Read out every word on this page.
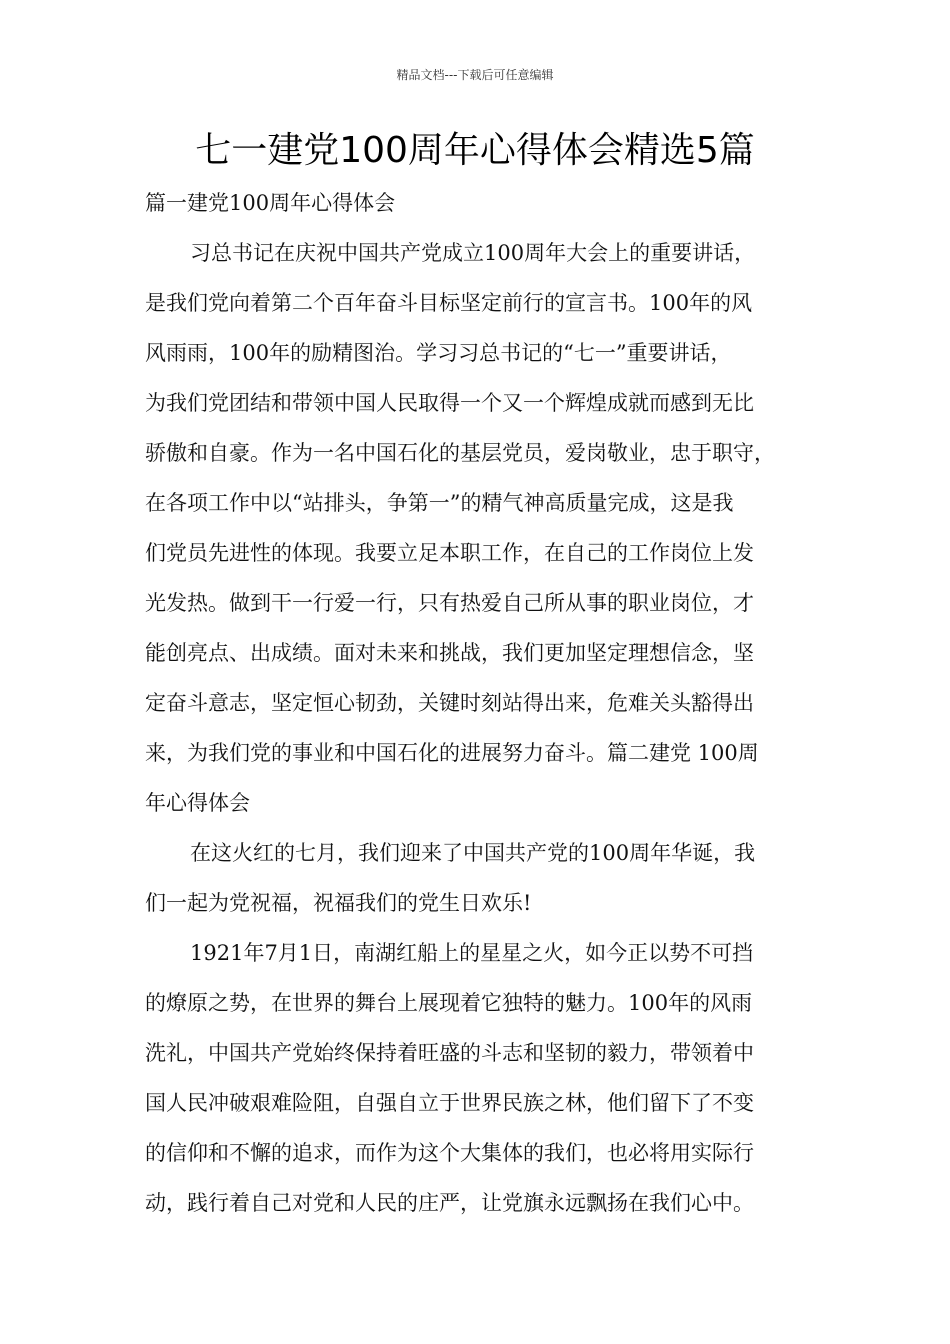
精品文档---下载后可任意编辑
七一建党100周年心得体会精选5篇
篇一建党100周年心得体会
习总书记在庆祝中国共产党成立100周年大会上的重要讲话，
是我们党向着第二个百年奋斗目标坚定前行的宣言书。100年的风
风雨雨，100年的励精图治。学习习总书记的“七一”重要讲话，
为我们党团结和带领中国人民取得一个又一个辉煌成就而感到无比
骄傲和自豪。作为一名中国石化的基层党员，爱岗敬业，忠于职守，
在各项工作中以“站排头，争第一”的精气神高质量完成，这是我
们党员先进性的体现。我要立足本职工作，在自己的工作岗位上发
光发热。做到干一行爱一行，只有热爱自己所从事的职业岗位，才
能创亮点、出成绩。面对未来和挑战，我们更加坚定理想信念，坚
定奋斗意志，坚定恒心韧劲，关键时刻站得出来，危难关头豁得出
来，为我们党的事业和中国石化的进展努力奋斗。篇二建党 100周
年心得体会
在这火红的七月，我们迎来了中国共产党的100周年华诞，我
们一起为党祝福，祝福我们的党生日欢乐!
1921年7月1日，南湖红船上的星星之火，如今正以势不可挡
的燎原之势，在世界的舞台上展现着它独特的魅力。100年的风雨
洗礼，中国共产党始终保持着旺盛的斗志和坚韧的毅力，带领着中
国人民冲破艰难险阻，自强自立于世界民族之林，他们留下了不变
的信仰和不懈的追求，而作为这个大集体的我们，也必将用实际行
动，践行着自己对党和人民的庄严，让党旗永远飘扬在我们心中。
